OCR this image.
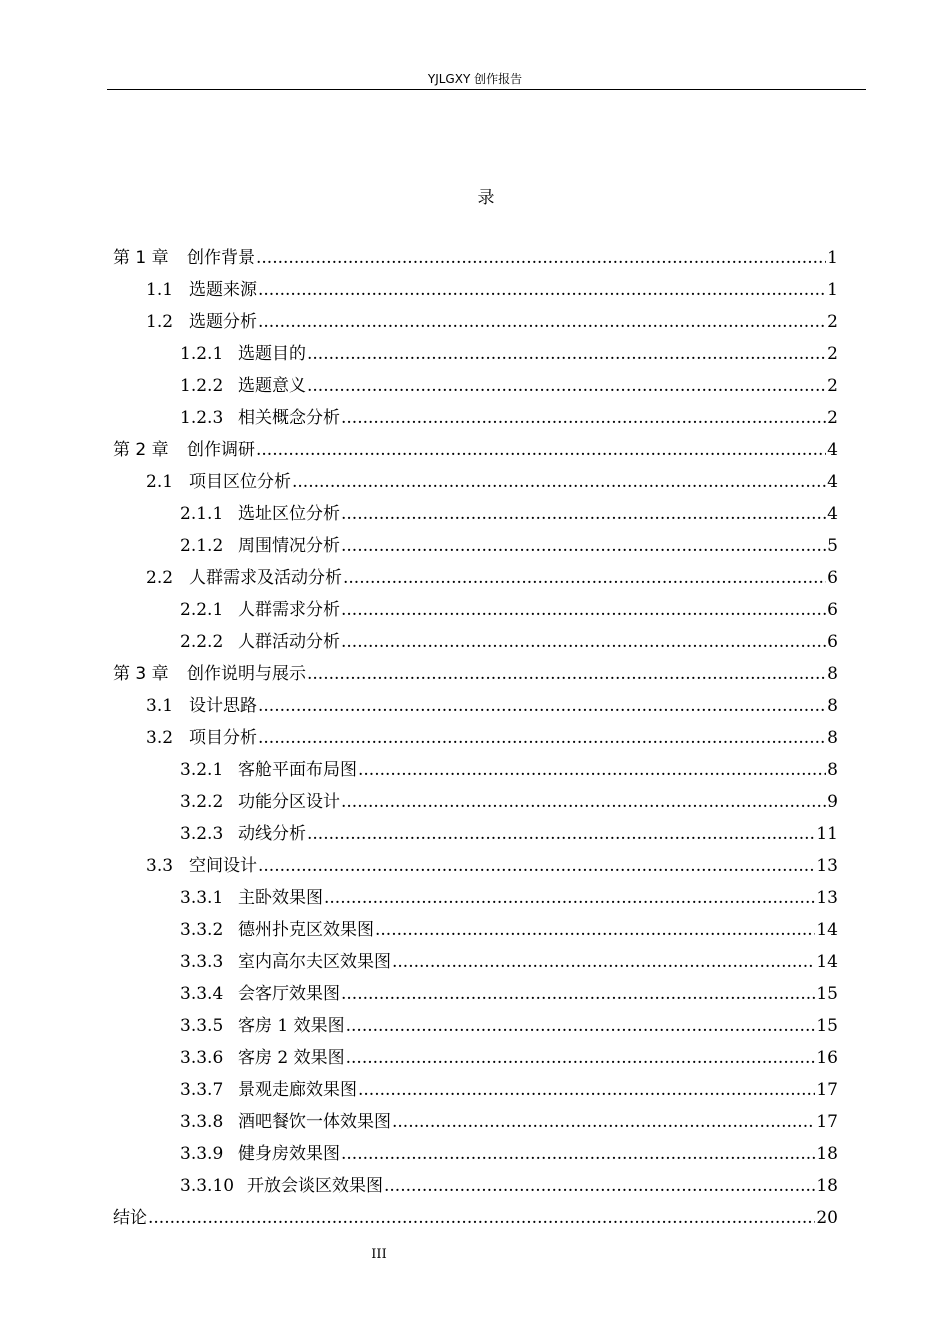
YJLGXY 创作报告
录
第 1 章	创作背景 .....	1
1.1 选题来源 .....	1
1.2 选题分析 .....	2
1.2.1 选题目的 .....	2
1.2.2 选题意义 .....	2
1.2.3 相关概念分析 .....	2
第 2 章	创作调研 .....	4
2.1 项目区位分析 .....	4
2.1.1 选址区位分析 .....	4
2.1.2 周围情况分析 .....	5
2.2 人群需求及活动分析 .....	6
2.2.1 人群需求分析 .....	6
2.2.2 人群活动分析 .....	6
第 3 章	创作说明与展示 .....	8
3.1 设计思路 .....	8
3.2 项目分析 .....	8
3.2.1 客舱平面布局图 .....	8
3.2.2 功能分区设计 .....	9
3.2.3 动线分析 .....	11
3.3 空间设计 .....	13
3.3.1 主卧效果图 .....	13
3.3.2 德州扑克区效果图 .....	14
3.3.3 室内高尔夫区效果图 .....	14
3.3.4 会客厅效果图 .....	15
3.3.5 客房 1 效果图 .....	15
3.3.6 客房 2 效果图 .....	16
3.3.7 景观走廊效果图 .....	17
3.3.8 酒吧餐饮一体效果图 .....	17
3.3.9 健身房效果图 .....	18
3.3.10 开放会谈区效果图 .....	18
结论 .....	20
III
